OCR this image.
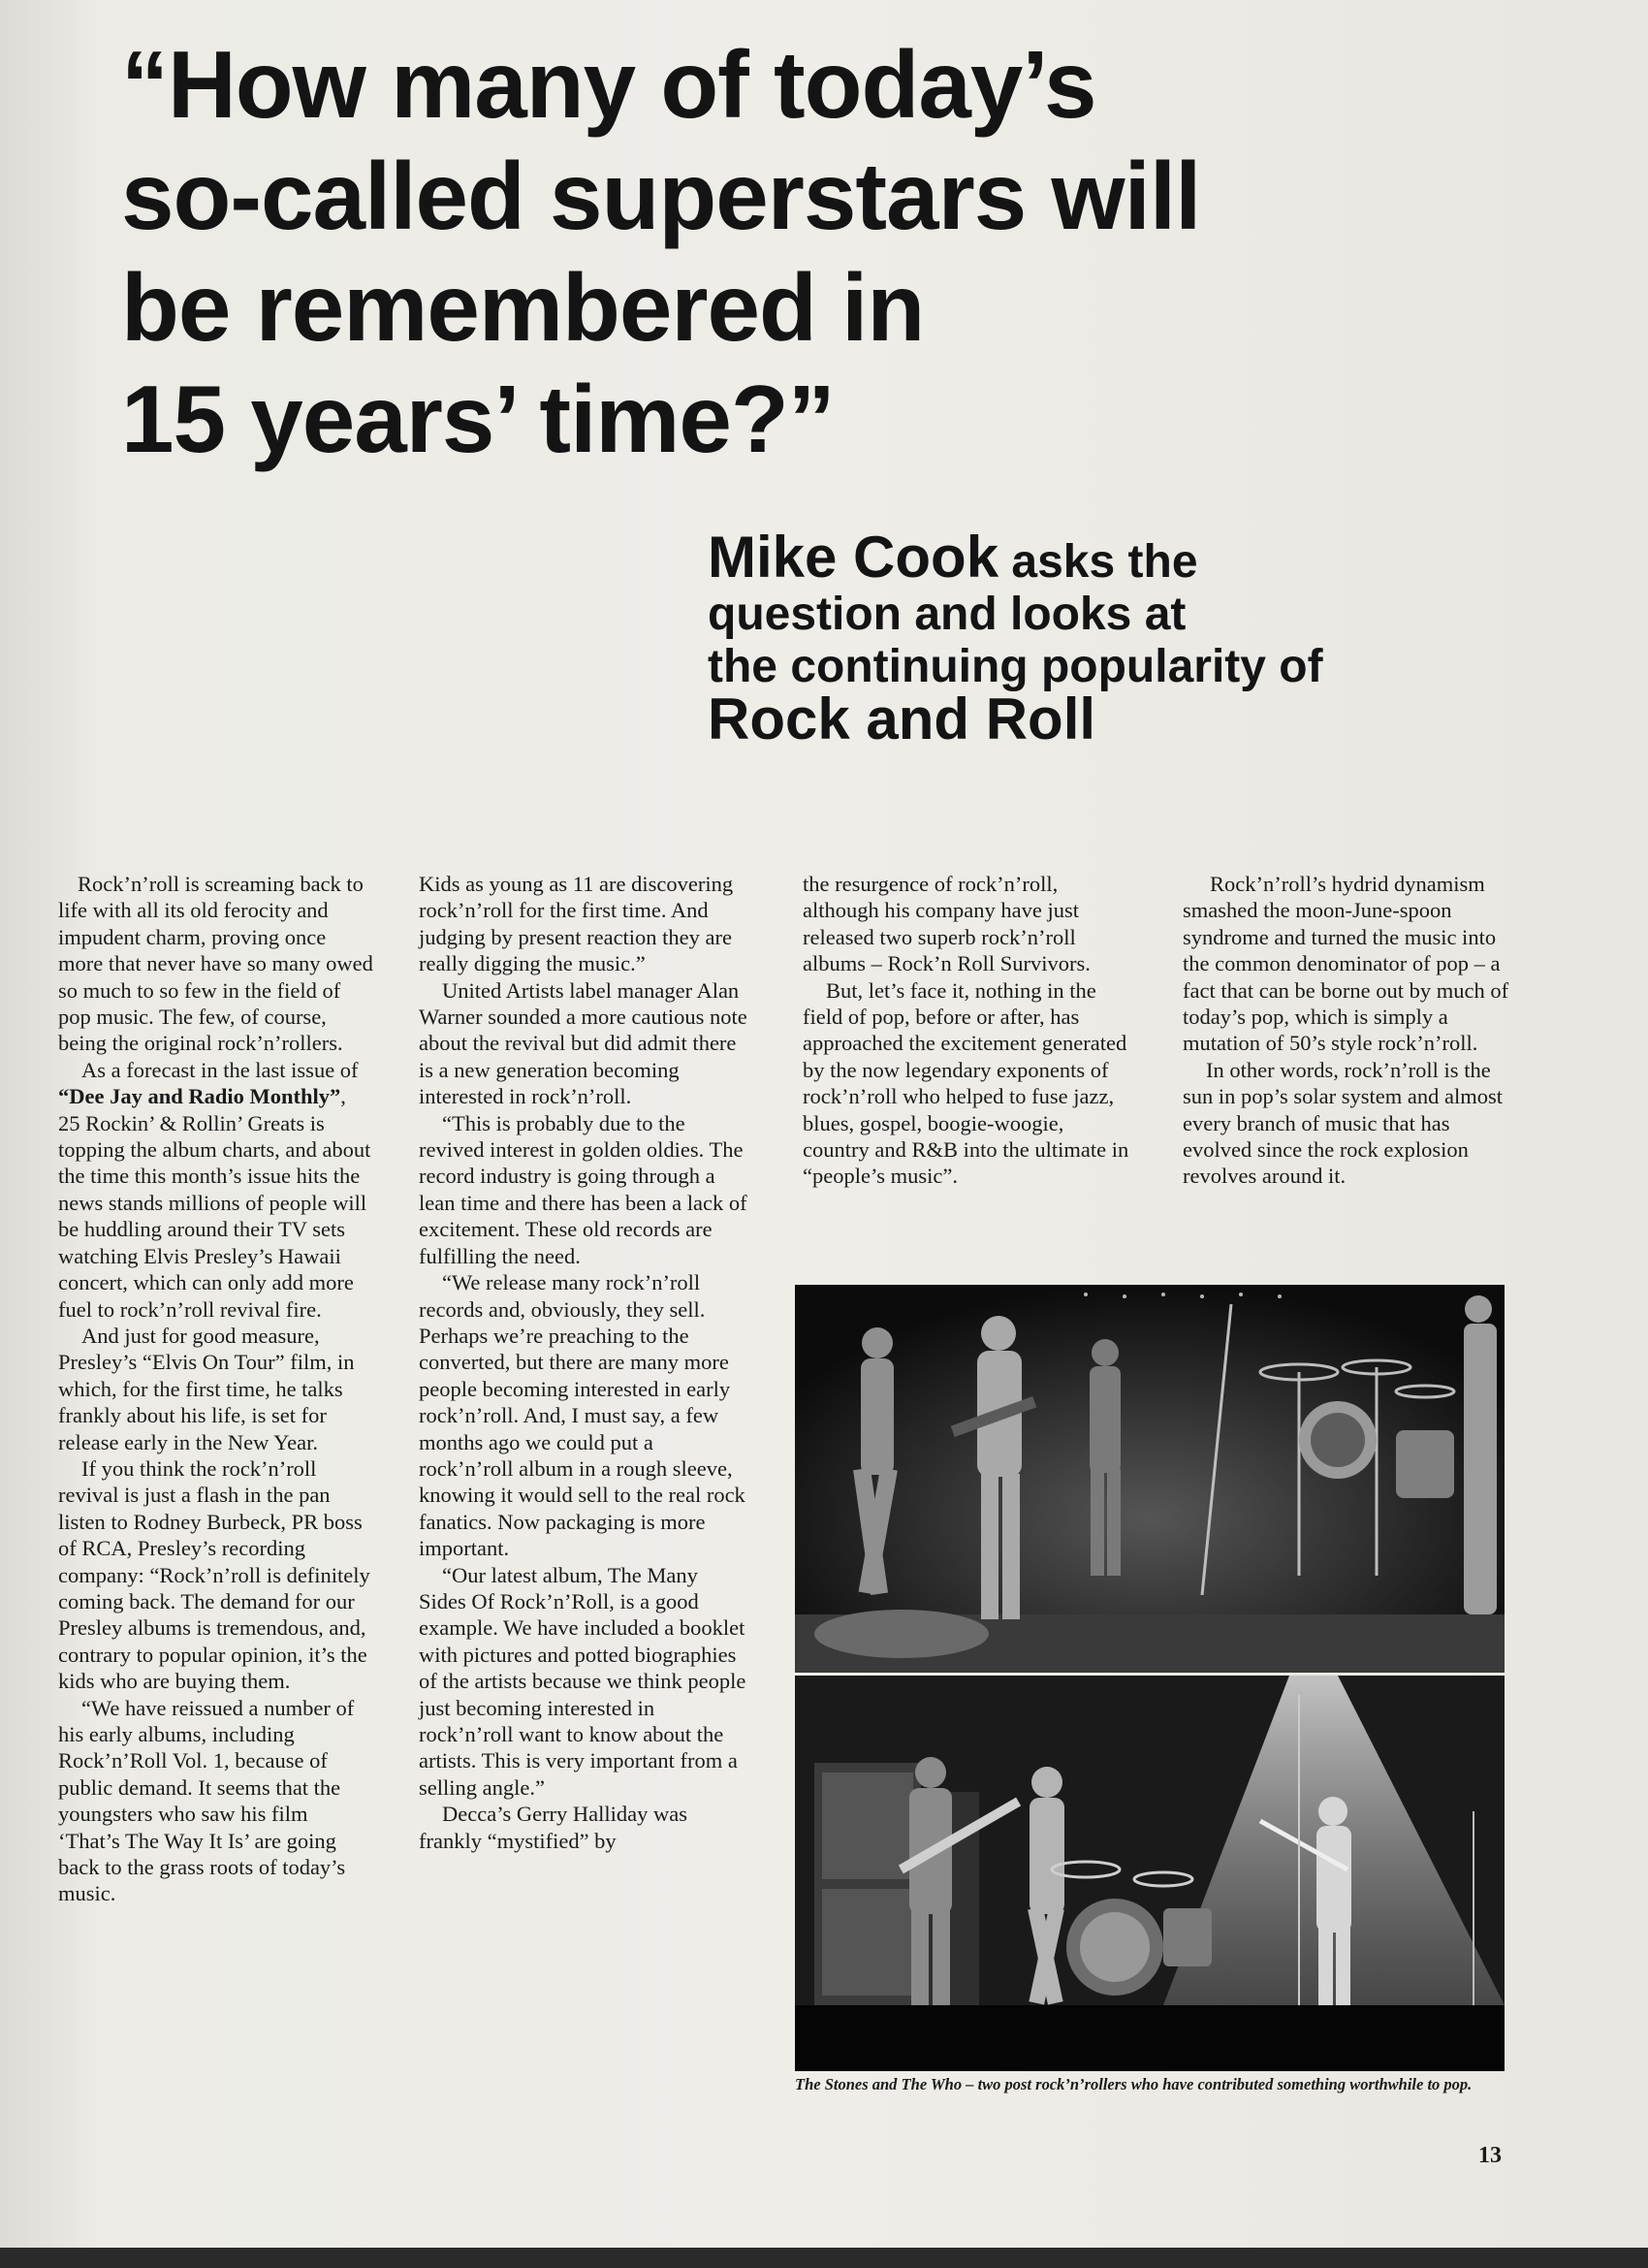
“How many of today’s
so-called superstars will
be remembered in
15 years’ time?”
Mike Cook asks the
question and looks at
the continuing popularity of
Rock and Roll

Rock’n’roll is screaming back to life with all its old ferocity and impudent charm, proving once more that never have so many owed so much to so few in the field of pop music. The few, of course, being the original rock’n’rollers.

As a forecast in the last issue of “Dee Jay and Radio Monthly”, 25 Rockin’ & Rollin’ Greats is topping the album charts, and about the time this month’s issue hits the news stands millions of people will be huddling around their TV sets watching Elvis Presley’s Hawaii concert, which can only add more fuel to rock’n’roll revival fire.

And just for good measure, Presley’s “Elvis On Tour” film, in which, for the first time, he talks frankly about his life, is set for release early in the New Year.

If you think the rock’n’roll revival is just a flash in the pan listen to Rodney Burbeck, PR boss of RCA, Presley’s recording company: “Rock’n’roll is definitely coming back. The demand for our Presley albums is tremendous, and, contrary to popular opinion, it’s the kids who are buying them.

“We have reissued a number of his early albums, including Rock’n’Roll Vol. 1, because of public demand. It seems that the youngsters who saw his film ‘That’s The Way It Is’ are going back to the grass roots of today’s music.

Kids as young as 11 are discovering rock’n’roll for the first time. And judging by present reaction they are really digging the music.”

United Artists label manager Alan Warner sounded a more cautious note about the revival but did admit there is a new generation becoming interested in rock’n’roll.

“This is probably due to the revived interest in golden oldies. The record industry is going through a lean time and there has been a lack of excitement. These old records are fulfilling the need.

“We release many rock’n’roll records and, obviously, they sell. Perhaps we’re preaching to the converted, but there are many more people becoming interested in early rock’n’roll. And, I must say, a few months ago we could put a rock’n’roll album in a rough sleeve, knowing it would sell to the real rock fanatics. Now packaging is more important.

“Our latest album, The Many Sides Of Rock’n’Roll, is a good example. We have included a booklet with pictures and potted biographies of the artists because we think people just becoming interested in rock’n’roll want to know about the artists. This is very important from a selling angle.”

Decca’s Gerry Halliday was frankly “mystified” by

the resurgence of rock’n’roll, although his company have just released two superb rock’n’roll albums – Rock’n Roll Survivors.

But, let’s face it, nothing in the field of pop, before or after, has approached the excitement generated by the now legendary exponents of rock’n’roll who helped to fuse jazz, blues, gospel, boogie-woogie, country and R&B into the ultimate in “people’s music”.

Rock’n’roll’s hydrid dynamism smashed the moon-June-spoon syndrome and turned the music into the common denominator of pop – a fact that can be borne out by much of today’s pop, which is simply a mutation of 50’s style rock’n’roll.

In other words, rock’n’roll is the sun in pop’s solar system and almost every branch of music that has evolved since the rock explosion revolves around it.

The Stones and The Who – two post rock’n’rollers who have contributed something worthwhile to pop.
13
